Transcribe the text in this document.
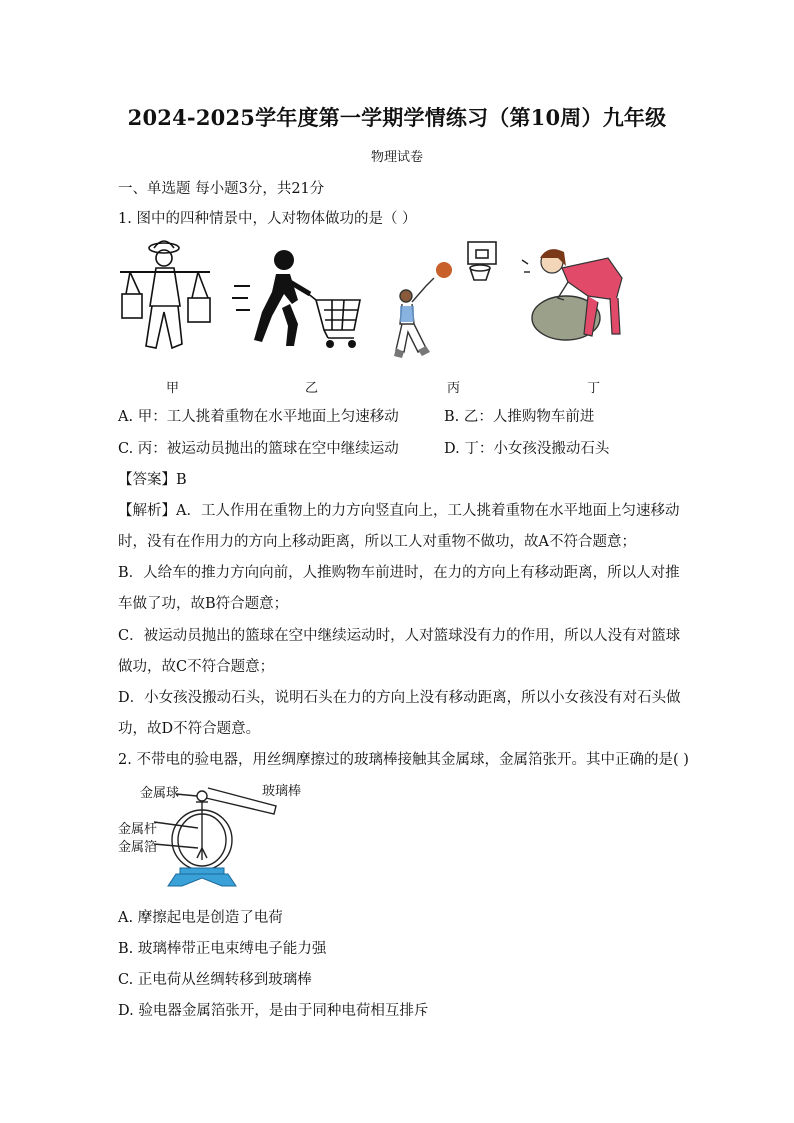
2024-2025学年度第一学期学情练习（第10周）九年级
物理试卷
一、单选题 每小题3分，共21分
1. 图中的四种情景中，人对物体做功的是（ ）
甲	乙	丙	丁
A. 甲：工人挑着重物在水平地面上匀速移动	B. 乙：人推购物车前进
C. 丙：被运动员抛出的篮球在空中继续运动	D. 丁：小女孩没搬动石头
【答案】B
【解析】A．工人作用在重物上的力方向竖直向上，工人挑着重物在水平地面上匀速移动
时，没有在作用力的方向上移动距离，所以工人对重物不做功，故A不符合题意；
B．人给车的推力方向向前，人推购物车前进时，在力的方向上有移动距离，所以人对推
车做了功，故B符合题意；
C．被运动员抛出的篮球在空中继续运动时，人对篮球没有力的作用，所以人没有对篮球
做功，故C不符合题意；
D．小女孩没搬动石头，说明石头在力的方向上没有移动距离，所以小女孩没有对石头做
功，故D不符合题意。
2. 不带电的验电器，用丝绸摩擦过的玻璃棒接触其金属球，金属箔张开。其中正确的是( )
金属球	玻璃棒
金属杆
金属箔
A. 摩擦起电是创造了电荷
B. 玻璃棒带正电束缚电子能力强
C. 正电荷从丝绸转移到玻璃棒
D. 验电器金属箔张开，是由于同种电荷相互排斥
